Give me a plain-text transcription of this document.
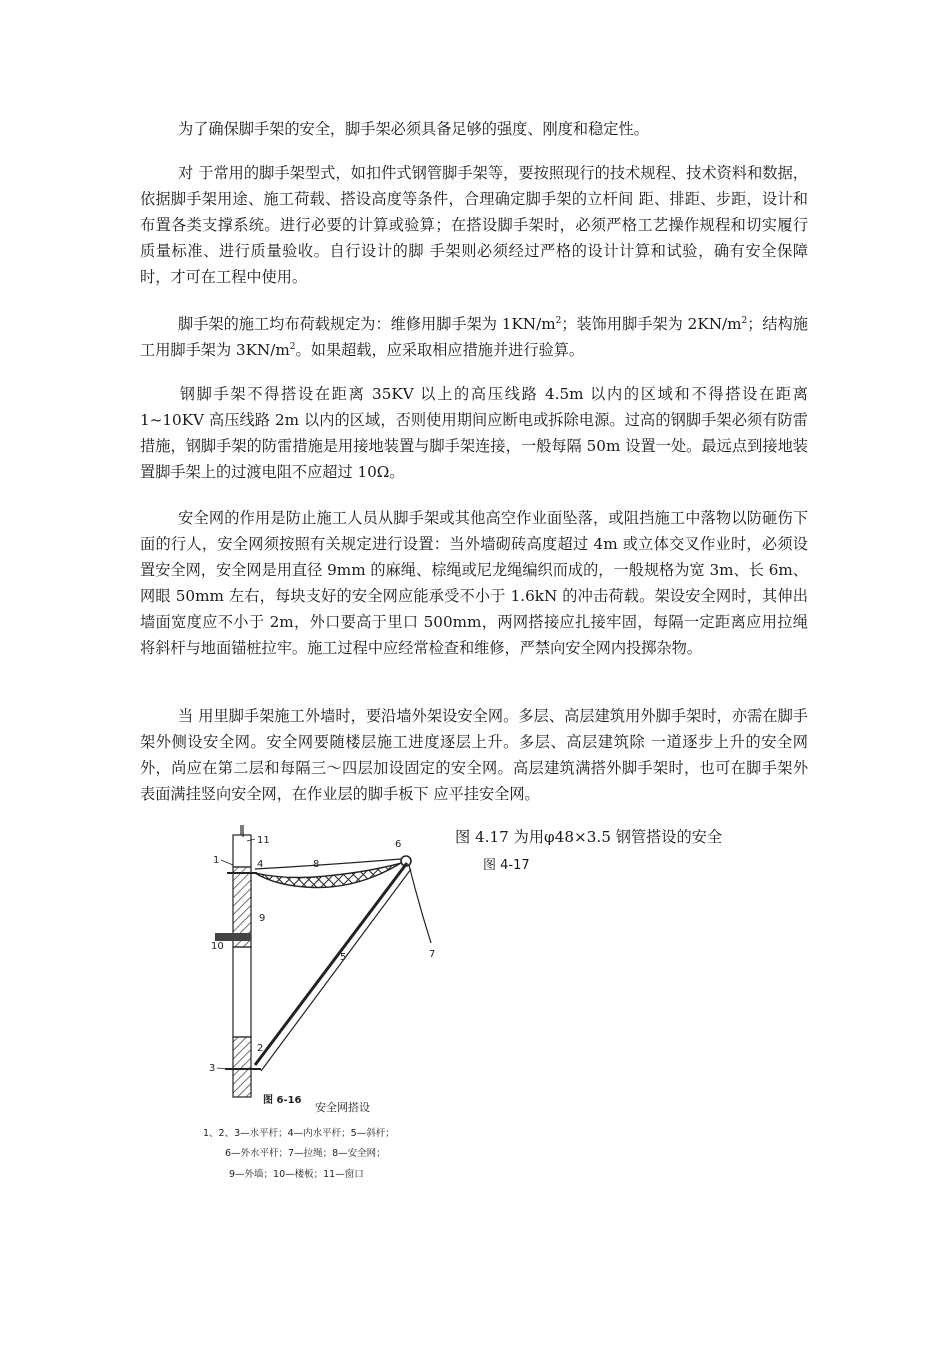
为了确保脚手架的安全，脚手架必须具备足够的强度、刚度和稳定性。

对 于常用的脚手架型式，如扣件式钢管脚手架等，要按照现行的技术规程、技术资料和数据，依据脚手架用途、施工荷载、搭设高度等条件，合理确定脚手架的立杆间 距、排距、步距，设计和布置各类支撑系统。进行必要的计算或验算；在搭设脚手架时，必须严格工艺操作规程和切实履行质量标准、进行质量验收。自行设计的脚 手架则必须经过严格的设计计算和试验，确有安全保障时，才可在工程中使用。

脚手架的施工均布荷载规定为：维修用脚手架为 $1KN/m^2$；装饰用脚手架为 $2KN/m^2$；结构施工用脚手架为 $3KN/m^2$。如果超载，应采取相应措施并进行验算。

钢脚手架不得搭设在距离 35KV 以上的高压线路 4.5m 以内的区域和不得搭设在距离 1~10KV 高压线路 2m 以内的区域，否则使用期间应断电或拆除电源。过高的钢脚手架必须有防雷措施，钢脚手架的防雷措施是用接地装置与脚手架连接，一般每隔 50m 设置一处。最远点到接地装置脚手架上的过渡电阻不应超过 10Ω。

安全网的作用是防止施工人员从脚手架或其他高空作业面坠落，或阻挡施工中落物以防砸伤下面的行人，安全网须按照有关规定进行设置：当外墙砌砖高度超过 4m 或立体交叉作业时，必须设置安全网，安全网是用直径 9mm 的麻绳、棕绳或尼龙绳编织而成的，一般规格为宽 3m、长 6m、网眼 50mm 左右，每块支好的安全网应能承受不小于 1.6kN 的冲击荷载。架设安全网时，其伸出墙面宽度应不小于 2m，外口要高于里口 500mm，两网搭接应扎接牢固，每隔一定距离应用拉绳将斜杆与地面锚桩拉牢。施工过程中应经常检查和维修，严禁向安全网内投掷杂物。

当 用里脚手架施工外墙时，要沿墙外架设安全网。多层、高层建筑用外脚手架时，亦需在脚手架外侧设安全网。安全网要随楼层施工进度逐层上升。多层、高层建筑除 一道逐步上升的安全网外，尚应在第二层和每隔三～四层加设固定的安全网。高层建筑满搭外脚手架时，也可在脚手架外表面满挂竖向安全网，在作业层的脚手板下 应平挂安全网。

图 4.17 为用φ48×3.5 钢管搭设的安全
图 4-17
1
2
3
4
5
6
7
8
9
10
11
图 6-16
安全网搭设
1、2、3—水平杆；4—内水平杆；5—斜杆；
6—外水平杆；7—拉绳；8—安全网；
9—外墙；10—楼板；11—窗口
